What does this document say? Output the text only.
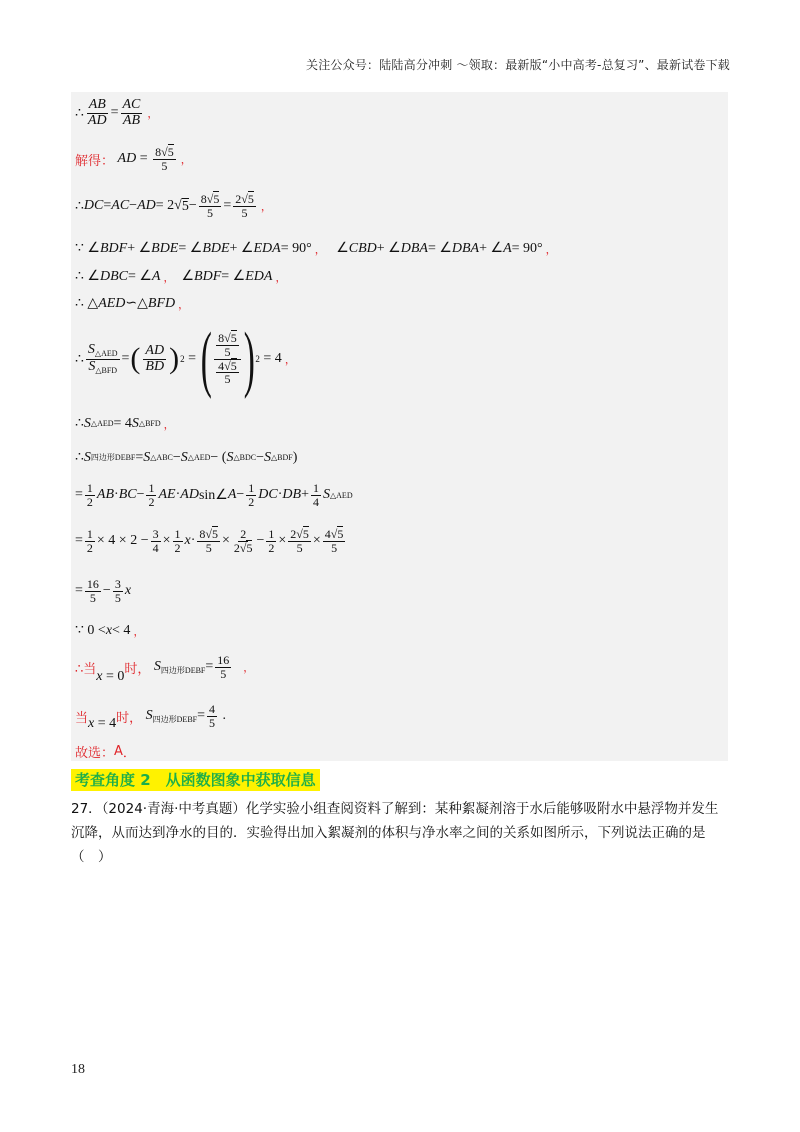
关注公众号：陆陆高分冲刺 〜领取：最新版“小中高考-总复习”、最新试卷下载
∴ $\frac{AB}{AD} = \frac{AC}{AB}$ ，
解得 ： AD = $\frac{8√5}{5}$ ，
∴ DC = AC − AD = 2 √ $5 - \frac{8√5}{5} = \frac{2√5}{5}$ ，
∵ ∠ BDF + ∠ BDE = ∠ BDE + ∠ EDA = 90° ， ∠ CBD + ∠ DBA = ∠ DBA + ∠ A = 90° ，
∴ ∠ DBC = ∠ A ， ∠ BDF = ∠ EDA ，
∴ △ AED ∽△ BFD ，
∴
$S_{\triangle AED}$
$S_{\triangle BFD}$
= ( AD
BD ) 2 = ( $\frac{8√5}{5}$
$\frac{4√5}{5}$ ) 2 = 4 ，
∴ S △AED = 4 S △BFD ，
∴ S 四边形DEBF = S △ABC − S △AED − ( S △BDC − S △BDF )
= $\frac{1}{2}$ AB · BC − $\frac{1}{2}$ AE · AD sin∠ $A - \frac{1}{2}$ DC · DB + $\frac{1}{4}$ S △AED
= $\frac{1}{2} \times 4 \times 2 - \frac{3}{4} \times \frac{1}{2}$ $x \cdot \frac{8√5}{5} \times \frac{2}{2√5} - \frac{1}{2} \times \frac{2√5}{5} \times \frac{4√5}{5}$
= $\frac{16}{5} - \frac{3}{5}$ x
∵ 0 < x < 4 ，
∴当 x = 0 时， $S_{四边形DEBF} = \frac{16}{5}$ ，
当 x = 4 时， $S_{四边形DEBF} = \frac{4}{5}$ .
故选： A ．
考查角度 2　从函数图象中获取信息
27．（2024·青海·中考真题）化学实验小组查阅资料了解到：某种絮凝剂溶于水后能够吸附水中悬浮物并发生沉降，从而达到净水的目的．实验得出加入絮凝剂的体积与净水率之间的关系如图所示，下列说法正确的是（　）
18
